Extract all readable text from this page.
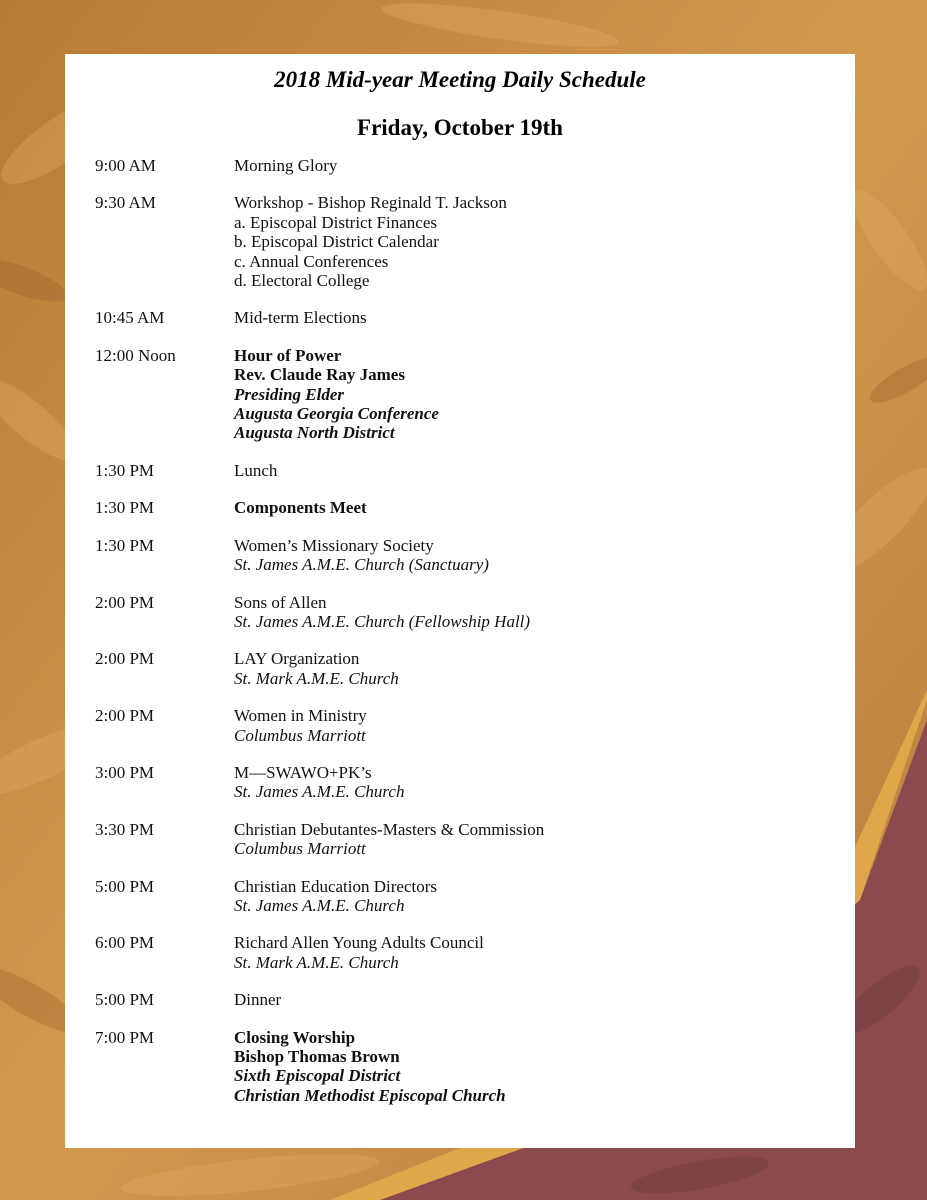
2018 Mid-year Meeting Daily Schedule
Friday, October 19th
9:00 AM	Morning Glory
9:30 AM	Workshop - Bishop Reginald T. Jackson
a. Episcopal District Finances
b. Episcopal District Calendar
c. Annual Conferences
d. Electoral College
10:45 AM	Mid-term Elections
12:00 Noon	Hour of Power
Rev. Claude Ray James
Presiding Elder
Augusta Georgia Conference
Augusta North District
1:30 PM	Lunch
1:30 PM	Components Meet
1:30 PM	Women’s Missionary Society
St. James A.M.E. Church (Sanctuary)
2:00 PM	Sons of Allen
St. James A.M.E. Church (Fellowship Hall)
2:00 PM	LAY Organization
St. Mark A.M.E. Church
2:00 PM	Women in Ministry
Columbus Marriott
3:00 PM	M—SWAWO+PK’s
St. James A.M.E. Church
3:30 PM	Christian Debutantes-Masters & Commission
Columbus Marriott
5:00 PM	Christian Education Directors
St. James A.M.E. Church
6:00 PM	Richard Allen Young Adults Council
St. Mark A.M.E. Church
5:00 PM	Dinner
7:00 PM	Closing Worship
Bishop Thomas Brown
Sixth Episcopal District
Christian Methodist Episcopal Church
